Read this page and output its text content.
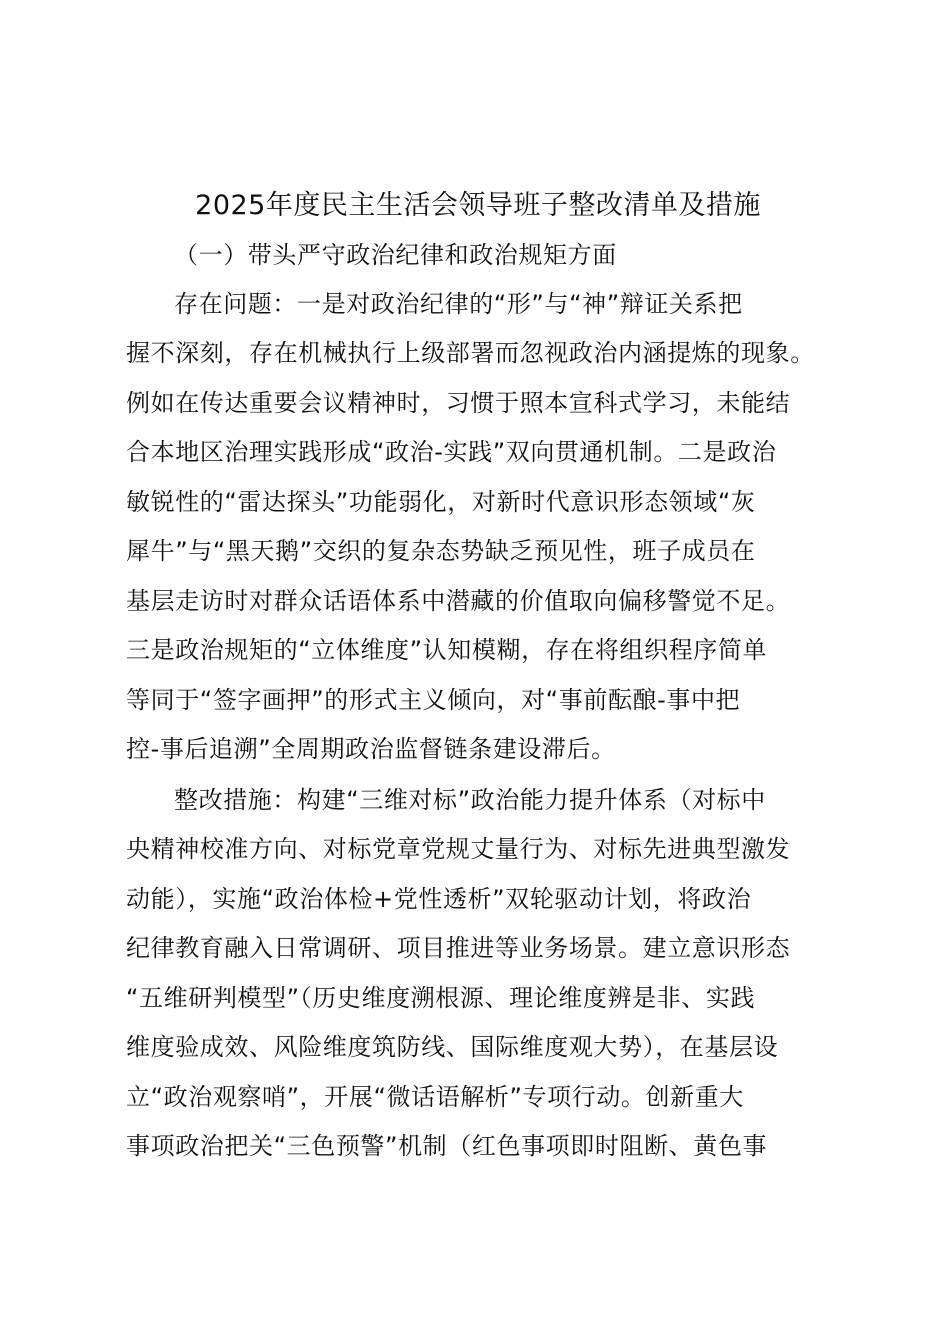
2025年度民主生活会领导班子整改清单及措施
（一）带头严守政治纪律和政治规矩方面
存在问题：一是对政治纪律的“形”与“神”辩证关系把
握不深刻，存在机械执行上级部署而忽视政治内涵提炼的现象。
例如在传达重要会议精神时，习惯于照本宣科式学习，未能结
合本地区治理实践形成“政治-实践”双向贯通机制。二是政治
敏锐性的“雷达探头”功能弱化，对新时代意识形态领域“灰
犀牛”与“黑天鹅”交织的复杂态势缺乏预见性，班子成员在
基层走访时对群众话语体系中潜藏的价值取向偏移警觉不足。
三是政治规矩的“立体维度”认知模糊，存在将组织程序简单
等同于“签字画押”的形式主义倾向，对“事前酝酿-事中把
控-事后追溯”全周期政治监督链条建设滞后。
整改措施：构建“三维对标”政治能力提升体系（对标中
央精神校准方向、对标党章党规丈量行为、对标先进典型激发
动能），实施“政治体检+党性透析”双轮驱动计划，将政治
纪律教育融入日常调研、项目推进等业务场景。建立意识形态
“五维研判模型”（历史维度溯根源、理论维度辨是非、实践
维度验成效、风险维度筑防线、国际维度观大势），在基层设
立“政治观察哨”，开展“微话语解析”专项行动。创新重大
事项政治把关“三色预警”机制（红色事项即时阻断、黄色事
